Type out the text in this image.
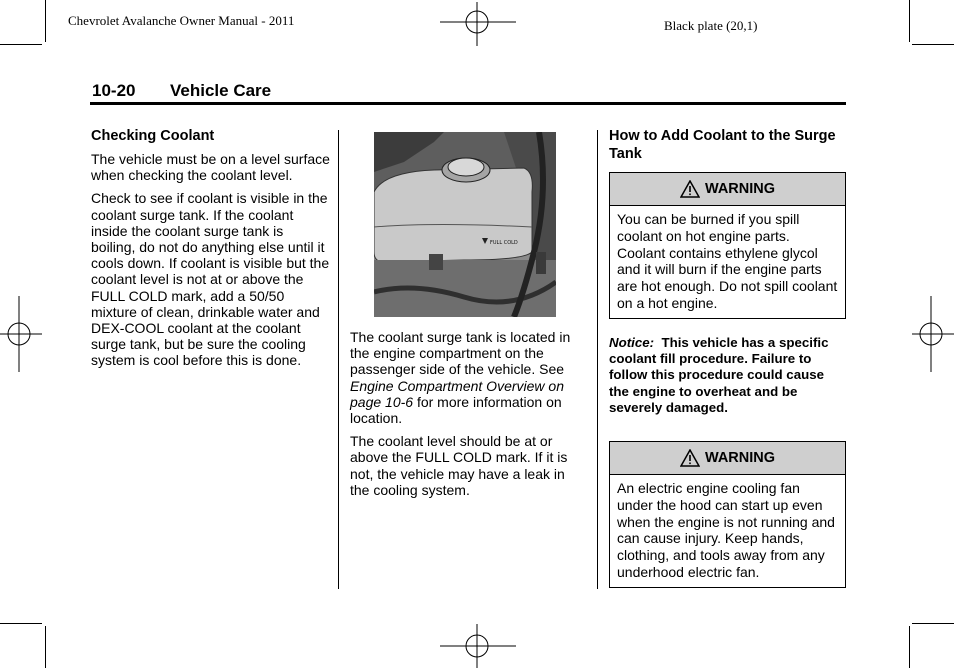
Chevrolet Avalanche Owner Manual - 2011	Black plate (20,1)
10-20 Vehicle Care
Checking Coolant

The vehicle must be on a level surface when checking the coolant level.

Check to see if coolant is visible in the coolant surge tank. If the coolant inside the coolant surge tank is boiling, do not do anything else until it cools down. If coolant is visible but the coolant level is not at or above the FULL COLD mark, add a 50/50 mixture of clean, drinkable water and DEX-COOL coolant at the coolant surge tank, but be sure the cooling system is cool before this is done.

FULL COLD

The coolant surge tank is located in the engine compartment on the passenger side of the vehicle. See Engine Compartment Overview on page 10-6 for more information on location.

The coolant level should be at or above the FULL COLD mark. If it is not, the vehicle may have a leak in the cooling system.

How to Add Coolant to the Surge Tank
WARNING
You can be burned if you spill coolant on hot engine parts. Coolant contains ethylene glycol and it will burn if the engine parts are hot enough. Do not spill coolant on a hot engine.
Notice: This vehicle has a specific coolant fill procedure. Failure to follow this procedure could cause the engine to overheat and be severely damaged.
WARNING
An electric engine cooling fan under the hood can start up even when the engine is not running and can cause injury. Keep hands, clothing, and tools away from any underhood electric fan.
